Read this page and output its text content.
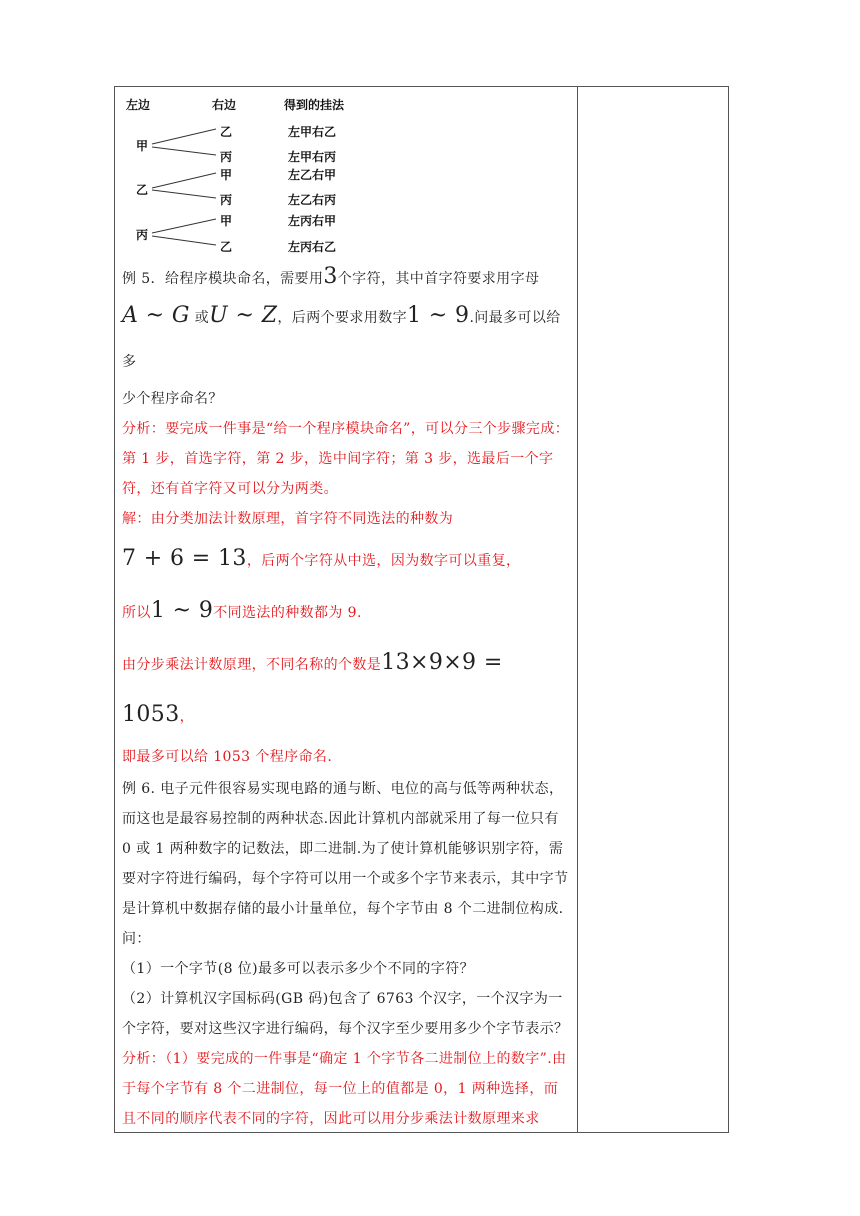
左边	右边	得到的挂法
甲
乙
丙
左甲右乙
左甲右丙
乙
甲
丙
左乙右甲
左乙右丙
丙
甲
乙
左丙右甲
左丙右乙

例 5．给程序模块命名，需要用3个字符，其中首字符要求用字母

A ~ G 或U ~ Z，后两个要求用数字1 ~ 9.问最多可以给多

少个程序命名？

分析：要完成一件事是“给一个程序模块命名”，可以分三个步骤完成：第 1 步，首选字符，第 2 步，选中间字符；第 3 步，选最后一个字符，还有首字符又可以分为两类。

解：由分类加法计数原理，首字符不同选法的种数为

7 + 6 = 13，后两个字符从中选，因为数字可以重复，

所以1 ~ 9不同选法的种数都为 9.

由分步乘法计数原理，不同名称的个数是13×9×9 = 1053，

即最多可以给 1053 个程序命名.

例 6. 电子元件很容易实现电路的通与断、电位的高与低等两种状态，而这也是最容易控制的两种状态.因此计算机内部就采用了每一位只有 0 或 1 两种数字的记数法，即二进制.为了使计算机能够识别字符，需要对字符进行编码，每个字符可以用一个或多个字节来表示，其中字节是计算机中数据存储的最小计量单位，每个字节由 8 个二进制位构成.问：

（1）一个字节(8 位)最多可以表示多少个不同的字符？

（2）计算机汉字国标码(GB 码)包含了 6763 个汉字，一个汉字为一个字符，要对这些汉字进行编码，每个汉字至少要用多少个字节表示？

分析：（1）要完成的一件事是“确定 1 个字节各二进制位上的数字”.由于每个字节有 8 个二进制位，每一位上的值都是 0，1 两种选择，而且不同的顺序代表不同的字符，因此可以用分步乘法计数原理来求
